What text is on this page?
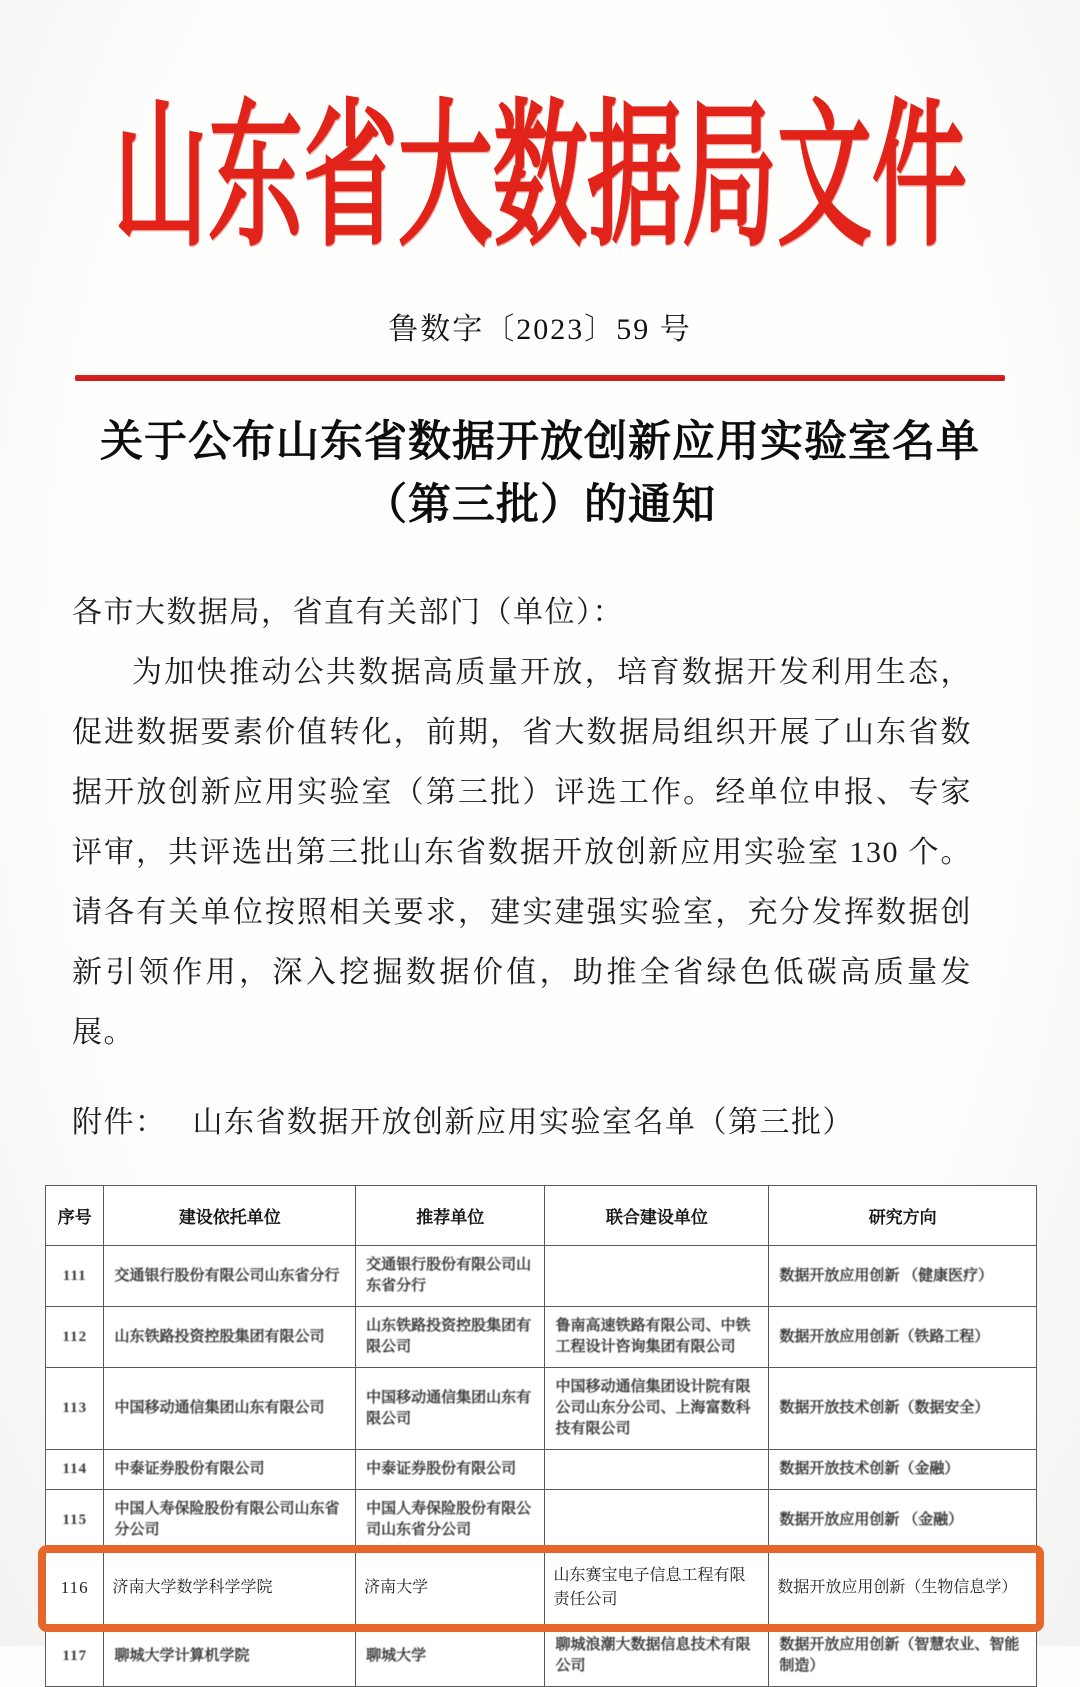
山东省大数据局文件
鲁数字〔2023〕59 号
关于公布山东省数据开放创新应用实验室名单
（第三批）的通知

各市大数据局，省直有关部门（单位）：

为加快推动公共数据高质量开放，培育数据开发利用生态，促进数据要素价值转化，前期，省大数据局组织开展了山东省数据开放创新应用实验室（第三批）评选工作。经单位申报、专家评审，共评选出第三批山东省数据开放创新应用实验室 130 个。请各有关单位按照相关要求，建实建强实验室，充分发挥数据创新引领作用，深入挖掘数据价值，助推全省绿色低碳高质量发展。

附件： 山东省数据开放创新应用实验室名单（第三批）
序号	建设依托单位	推荐单位	联合建设单位	研究方向
111	交通银行股份有限公司山东省分行	交通银行股份有限公司山东省分行		数据开放应用创新 （健康医疗）
112	山东铁路投资控股集团有限公司	山东铁路投资控股集团有限公司	鲁南高速铁路有限公司、中铁工程设计咨询集团有限公司	数据开放应用创新（铁路工程）
113	中国移动通信集团山东有限公司	中国移动通信集团山东有限公司	中国移动通信集团设计院有限公司山东分公司、上海富数科技有限公司	数据开放技术创新（数据安全）
114	中泰证券股份有限公司	中泰证券股份有限公司		数据开放技术创新（金融）
115	中国人寿保险股份有限公司山东省分公司	中国人寿保险股份有限公司山东省分公司		数据开放应用创新 （金融）
116	济南大学数学科学学院	济南大学	山东赛宝电子信息工程有限责任公司	数据开放应用创新（生物信息学）
117	聊城大学计算机学院	聊城大学	聊城浪潮大数据信息技术有限公司	数据开放应用创新（智慧农业、智能制造）
